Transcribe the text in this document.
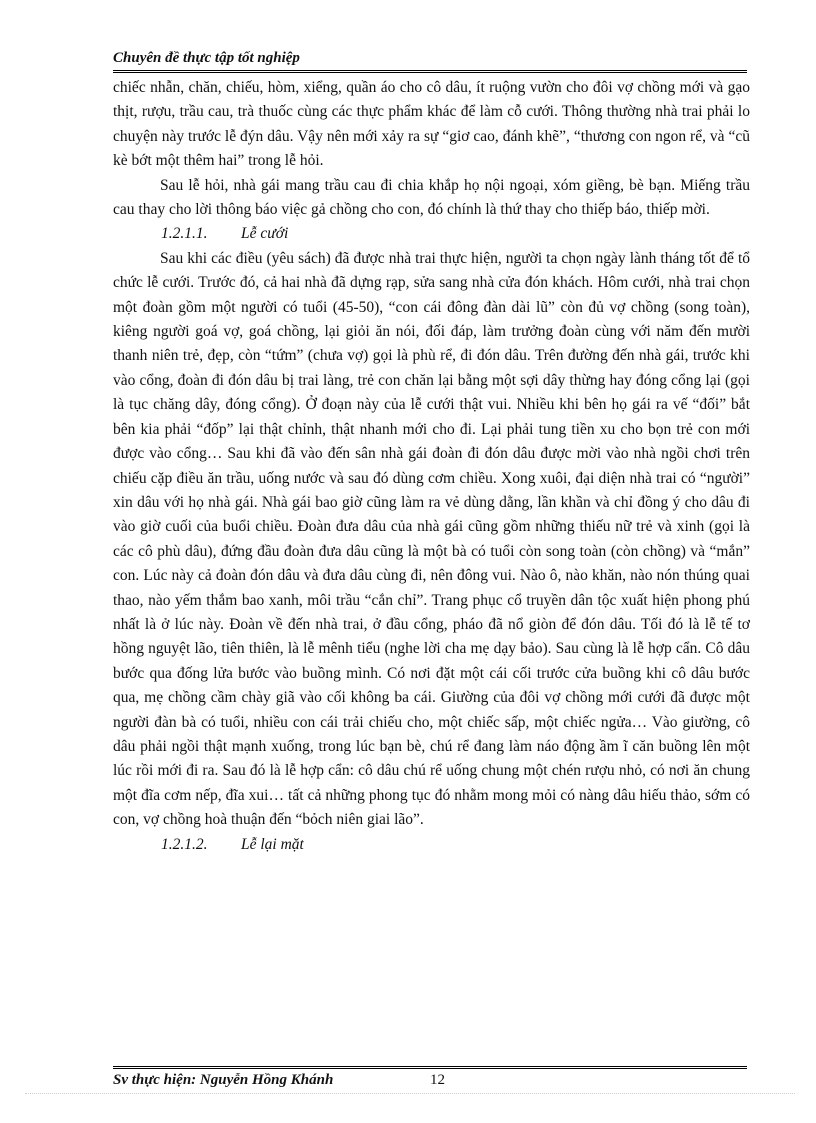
Chuyên đề thực tập tốt nghiệp

chiếc nhẫn, chăn, chiếu, hòm, xiểng, quần áo cho cô dâu, ít ruộng vườn cho đôi vợ chồng mới và gạo thịt, rượu, trầu cau, trà thuốc cùng các thực phẩm khác để làm cỗ cưới. Thông thường nhà trai phải lo chuyện này trước lễ đýn dâu. Vậy nên mới xảy ra sự “giơ cao, đánh khẽ”, “thương con ngon rể, và “cũ kè bớt một thêm hai” trong lễ hỏi.

Sau lễ hỏi, nhà gái mang trầu cau đi chia khắp họ nội ngoại, xóm giềng, bè bạn. Miếng trầu cau thay cho lời thông báo việc gả chồng cho con, đó chính là thứ thay cho thiếp báo, thiếp mời.

1.2.1.1. Lễ cưới

Sau khi các điều (yêu sách) đã được nhà trai thực hiện, người ta chọn ngày lành tháng tốt để tổ chức lễ cưới. Trước đó, cả hai nhà đã dựng rạp, sửa sang nhà cửa đón khách. Hôm cưới, nhà trai chọn một đoàn gồm một người có tuổi (45-50), “con cái đông đàn dài lũ” còn đủ vợ chồng (song toàn), kiêng người goá vợ, goá chồng, lại giỏi ăn nói, đối đáp, làm trưởng đoàn cùng với năm đến mười thanh niên trẻ, đẹp, còn “tứm” (chưa vợ) gọi là phù rể, đi đón dâu. Trên đường đến nhà gái, trước khi vào cổng, đoàn đi đón dâu bị trai làng, trẻ con chăn lại bằng một sợi dây thừng hay đóng cổng lại (gọi là tục chăng dây, đóng cổng). Ở đoạn này của lễ cưới thật vui. Nhiều khi bên họ gái ra vế “đối” bắt bên kia phải “đốp” lại thật chỉnh, thật nhanh mới cho đi. Lại phải tung tiền xu cho bọn trẻ con mới được vào cổng… Sau khi đã vào đến sân nhà gái đoàn đi đón dâu được mời vào nhà ngồi chơi trên chiếu cặp điều ăn trầu, uống nước và sau đó dùng cơm chiều. Xong xuôi, đại diện nhà trai có “người” xin dâu với họ nhà gái. Nhà gái bao giờ cũng làm ra vẻ dùng dằng, lần khần và chỉ đồng ý cho dâu đi vào giờ cuối của buổi chiều. Đoàn đưa dâu của nhà gái cũng gồm những thiếu nữ trẻ và xinh (gọi là các cô phù dâu), đứng đầu đoàn đưa dâu cũng là một bà có tuổi còn song toàn (còn chồng) và “mắn” con. Lúc này cả đoàn đón dâu và đưa dâu cùng đi, nên đông vui. Nào ô, nào khăn, nào nón thúng quai thao, nào yếm thắm bao xanh, môi trầu “cắn chỉ”. Trang phục cổ truyền dân tộc xuất hiện phong phú nhất là ở lúc này. Đoàn về đến nhà trai, ở đầu cổng, pháo đã nổ giòn để đón dâu. Tối đó là lễ tế tơ hồng nguyệt lão, tiên thiên, là lễ mênh tiểu (nghe lời cha mẹ dạy bảo). Sau cùng là lễ hợp cẩn. Cô dâu bước qua đống lửa bước vào buồng mình. Có nơi đặt một cái cối trước cửa buồng khi cô dâu bước qua, mẹ chồng cầm chày giã vào cối không ba cái. Giường của đôi vợ chồng mới cưới đã được một người đàn bà có tuổi, nhiều con cái trải chiếu cho, một chiếc sấp, một chiếc ngửa… Vào giường, cô dâu phải ngồi thật mạnh xuống, trong lúc bạn bè, chú rể đang làm náo động ầm ĩ căn buồng lên một lúc rồi mới đi ra. Sau đó là lễ hợp cẩn: cô dâu chú rể uống chung một chén rượu nhỏ, có nơi ăn chung một đĩa cơm nếp, đĩa xui… tất cả những phong tục đó nhằm mong mỏi có nàng dâu hiếu thảo, sớm có con, vợ chồng hoà thuận đến “bỏch niên giai lão”.

1.2.1.2. Lễ lại mặt

Sv thực hiện: Nguyễn Hồng Khánh	12
